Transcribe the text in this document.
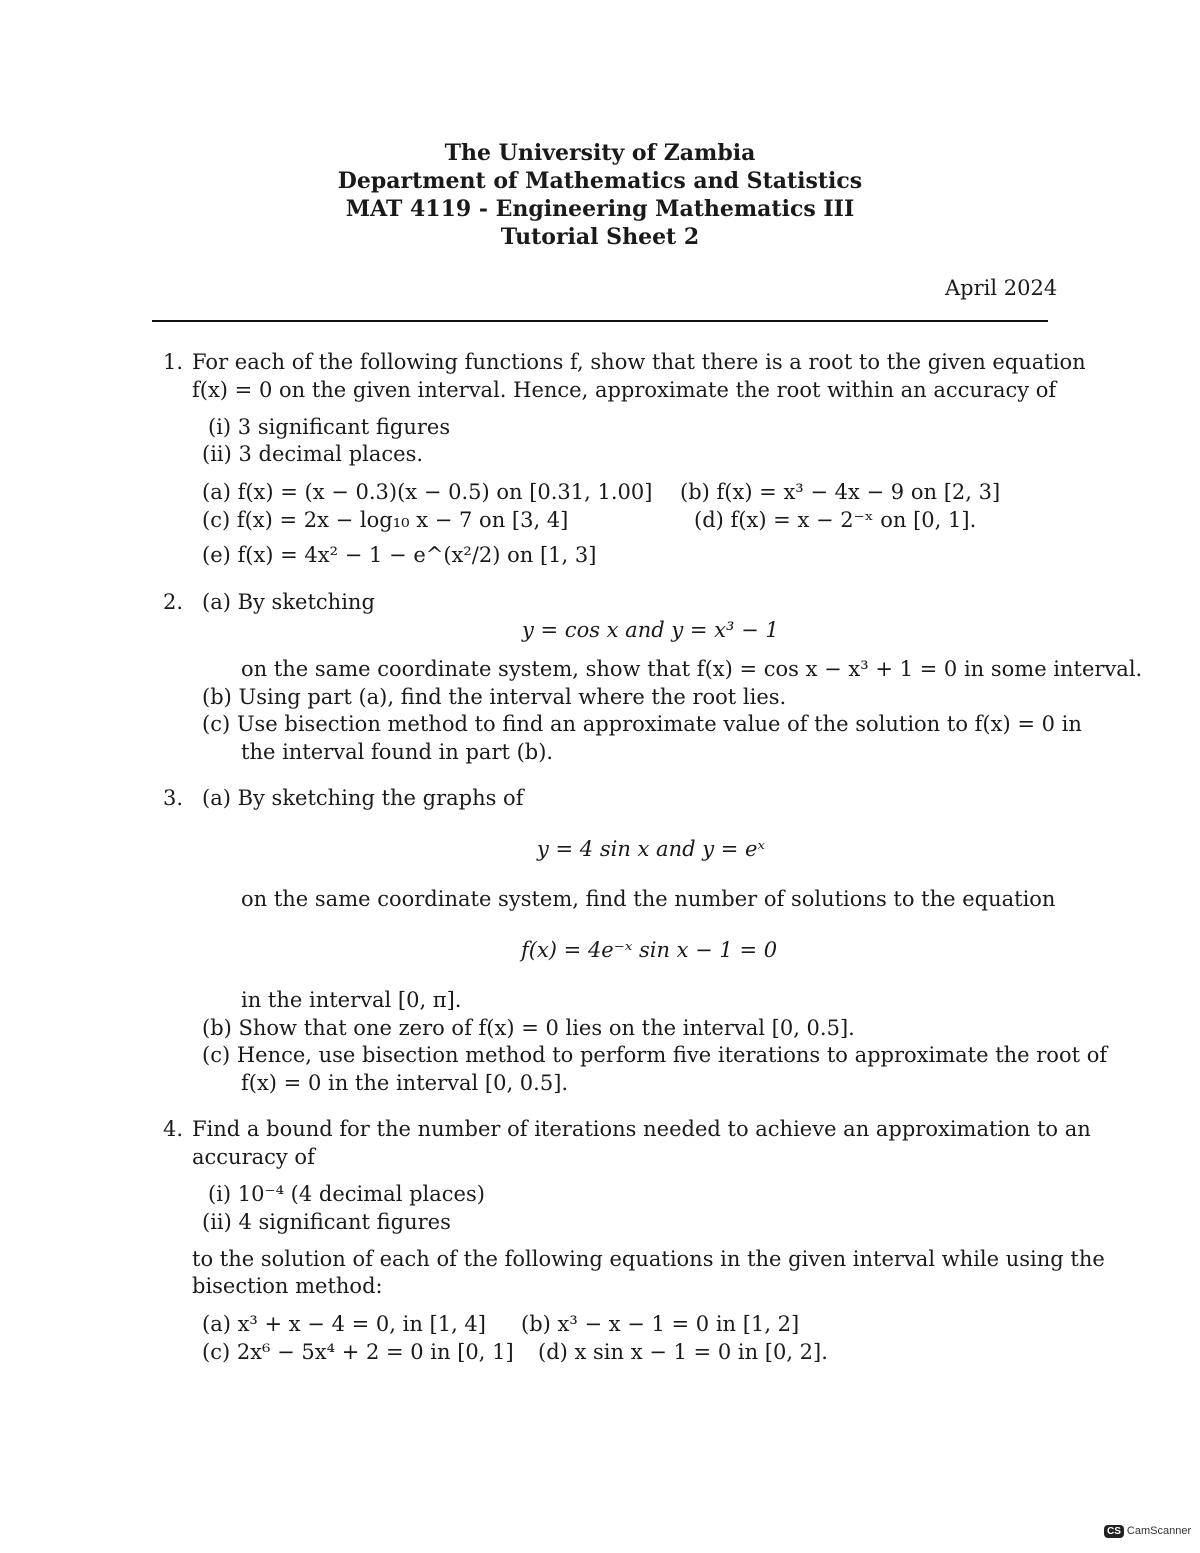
The University of Zambia
Department of Mathematics and Statistics
MAT 4119 - Engineering Mathematics III
Tutorial Sheet 2
April 2024
1. For each of the following functions f, show that there is a root to the given equation
f(x) = 0 on the given interval. Hence, approximate the root within an accuracy of
(i) 3 significant figures
(ii) 3 decimal places.
(a) f(x) = (x − 0.3)(x − 0.5) on [0.31, 1.00] (b) f(x) = x³ − 4x − 9 on [2, 3]
(c) f(x) = 2x − log₁₀ x − 7 on [3, 4]	(d) f(x) = x − 2⁻ˣ on [0, 1].
(e) f(x) = 4x² − 1 − e^(x²/2) on [1, 3]
2. (a) By sketching
y = cos x and y = x³ − 1
on the same coordinate system, show that f(x) = cos x − x³ + 1 = 0 in some interval.
(b) Using part (a), find the interval where the root lies.
(c) Use bisection method to find an approximate value of the solution to f(x) = 0 in
the interval found in part (b).
3. (a) By sketching the graphs of
y = 4 sin x and y = eˣ
on the same coordinate system, find the number of solutions to the equation
f(x) = 4e⁻ˣ sin x − 1 = 0
in the interval [0, π].
(b) Show that one zero of f(x) = 0 lies on the interval [0, 0.5].
(c) Hence, use bisection method to perform five iterations to approximate the root of
f(x) = 0 in the interval [0, 0.5].
4. Find a bound for the number of iterations needed to achieve an approximation to an
accuracy of
(i) 10⁻⁴ (4 decimal places)
(ii) 4 significant figures
to the solution of each of the following equations in the given interval while using the
bisection method:
(a) x³ + x − 4 = 0, in [1, 4] (b) x³ − x − 1 = 0 in [1, 2]
(c) 2x⁶ − 5x⁴ + 2 = 0 in [0, 1] (d) x sin x − 1 = 0 in [0, 2].
CS CamScanner
